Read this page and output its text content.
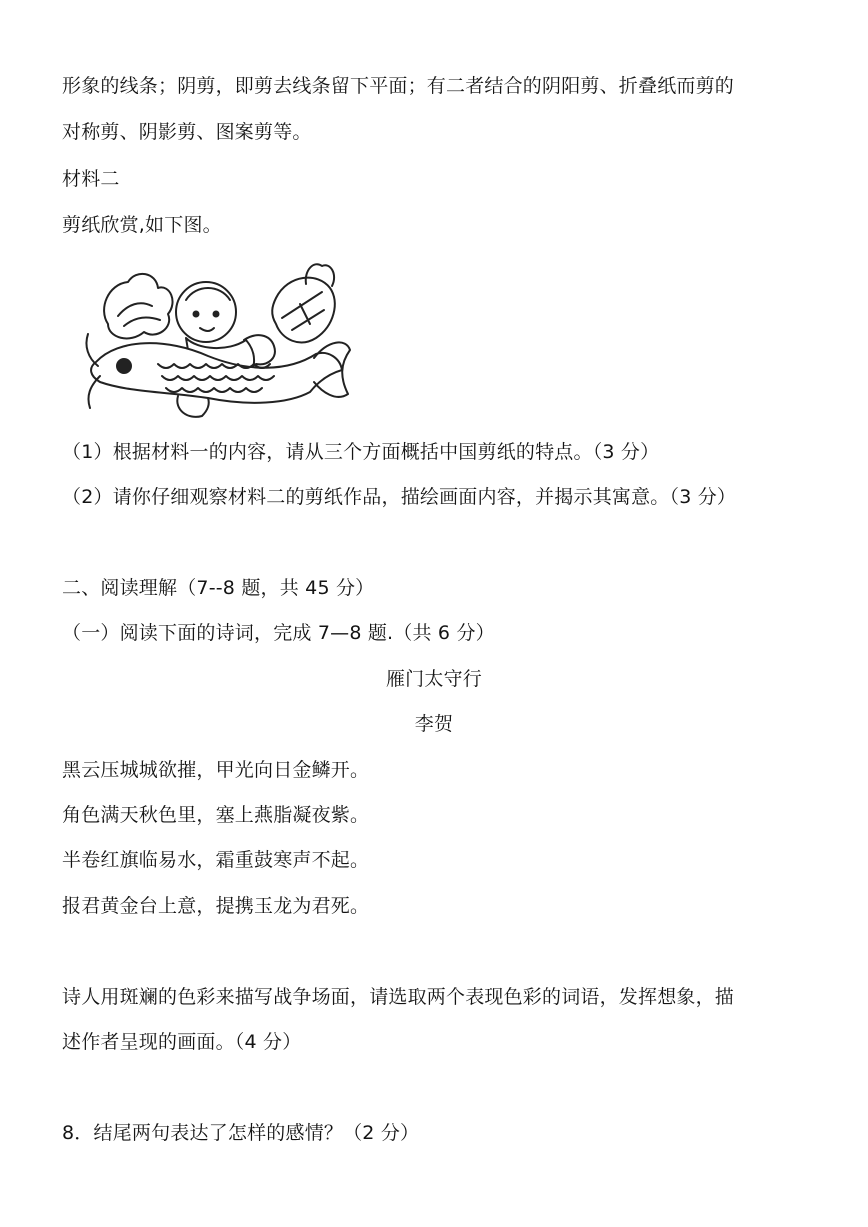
形象的线条；阴剪，即剪去线条留下平面；有二者结合的阴阳剪、折叠纸而剪的
对称剪、阴影剪、图案剪等。
材料二
剪纸欣赏,如下图。
（1）根据材料一的内容，请从三个方面概括中国剪纸的特点。（3 分）
（2）请你仔细观察材料二的剪纸作品，描绘画面内容，并揭示其寓意。（3 分）
二、阅读理解（7--8 题，共 45 分）
（一）阅读下面的诗词，完成 7—8 题.（共 6 分）
雁门太守行
李贺
黑云压城城欲摧，甲光向日金鳞开。
角色满天秋色里，塞上燕脂凝夜紫。
半卷红旗临易水，霜重鼓寒声不起。
报君黄金台上意，提携玉龙为君死。
诗人用斑斓的色彩来描写战争场面，请选取两个表现色彩的词语，发挥想象，描
述作者呈现的画面。（4 分）
8．结尾两句表达了怎样的感情？（2 分）
